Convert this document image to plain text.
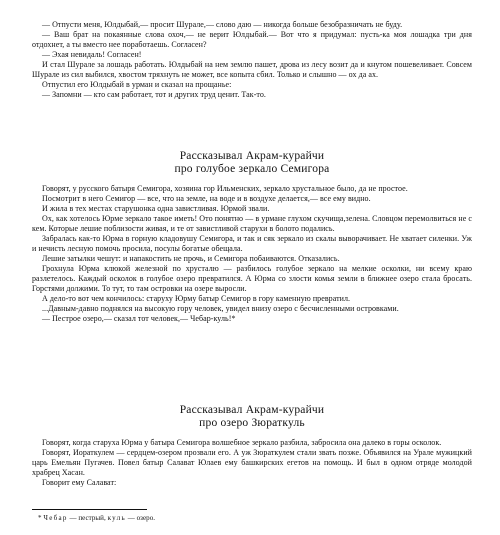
— Отпусти меня, Юлдыбай,— просит Шурале,— слово даю — никогда больше безобразничать не буду.

— Ваш брат на покаянные слова охоч,— не верит Юлдыбай.— Вот что я придумал: пусть-ка моя лошадка три дня отдохнет, а ты вместо нее поработаешь. Согласен?

— Эхая невидаль! Согласен!

И стал Шурале за лошадь работать. Юлдыбай на нем землю пашет, дрова из лесу возит да и кнутом пошевеливает. Совсем Шурале из сил выбился, хвостом тряхнуть не может, все копыта сбил. Только и слышно — ох да ах.

Отпустил его Юлдыбай в урман и сказал на прощанье:

— Запомни — кто сам работает, тот и других труд ценит. Так-то.

Рассказывал Акрам-курайчи
про голубое зеркало Семигора

Говорят, у русского батыря Семигора, хозяина гор Ильменских, зеркало хрустальное было, да не простое.

Посмотрит в него Семигор — все, что на земле, на воде и в воздухе делается,— все ему видно.

И жила в тех местах старушонка одна завистливая. Юрмой звали.

Ох, как хотелось Юрме зеркало такое иметь! Ото понятно — в урмане глухом скучища,зелена. Словцом перемолвиться не с кем. Которые лешие поблизости живая, и те от завистливой старухи в болото подались.

Забралась как-то Юрма в горную кладовушу Семигора, и так и сяк зеркало из скалы выворачивает. Не хватает силенки. Уж и нечисть лесную помочь просила, посулы богатые обещала.

Лешие затылки чешут: и напакостить не прочь, и Семигора побаиваются. Отказались.

Грохнула Юрма клюкой железной по хрусталю — разбилось голубое зеркало на мелкие осколки, ни всему краю разлетелось. Каждый осколок в голубое озеро превратился. А Юрма со злости комья земли в ближнее озеро стала бросать. Горстями должими. То тут, то там островки на озере выросли.

А дело-то вот чем кончилось: старуху Юрму батыр Семигор в гору каменную превратил.

...Давным-давно поднялся на высокую гору человек, увидел внизу озеро с бесчисленными островками.

— Пестрое озеро,— сказал тот человек,— Чебар-куль!*

Рассказывал Акрам-курайчи
про озеро Зюраткуль

Говорят, когда старуха Юрма у батыра Семигора волшебное зеркало разбила, забросила она далеко в горы осколок.

Говорят, Иораткулем — сердцем-озером прозвали его. А уж Зюраткулем стали звать позже. Объявился на Урале мужицкий царь Емельян Пугачев. Повел батыр Салават Юлаев ему башкирских егетов на помощь. И был в одном отряде молодой храбрец Хасан.

Говорит ему Салават:

* Чебар — пестрый, куль — озеро.
